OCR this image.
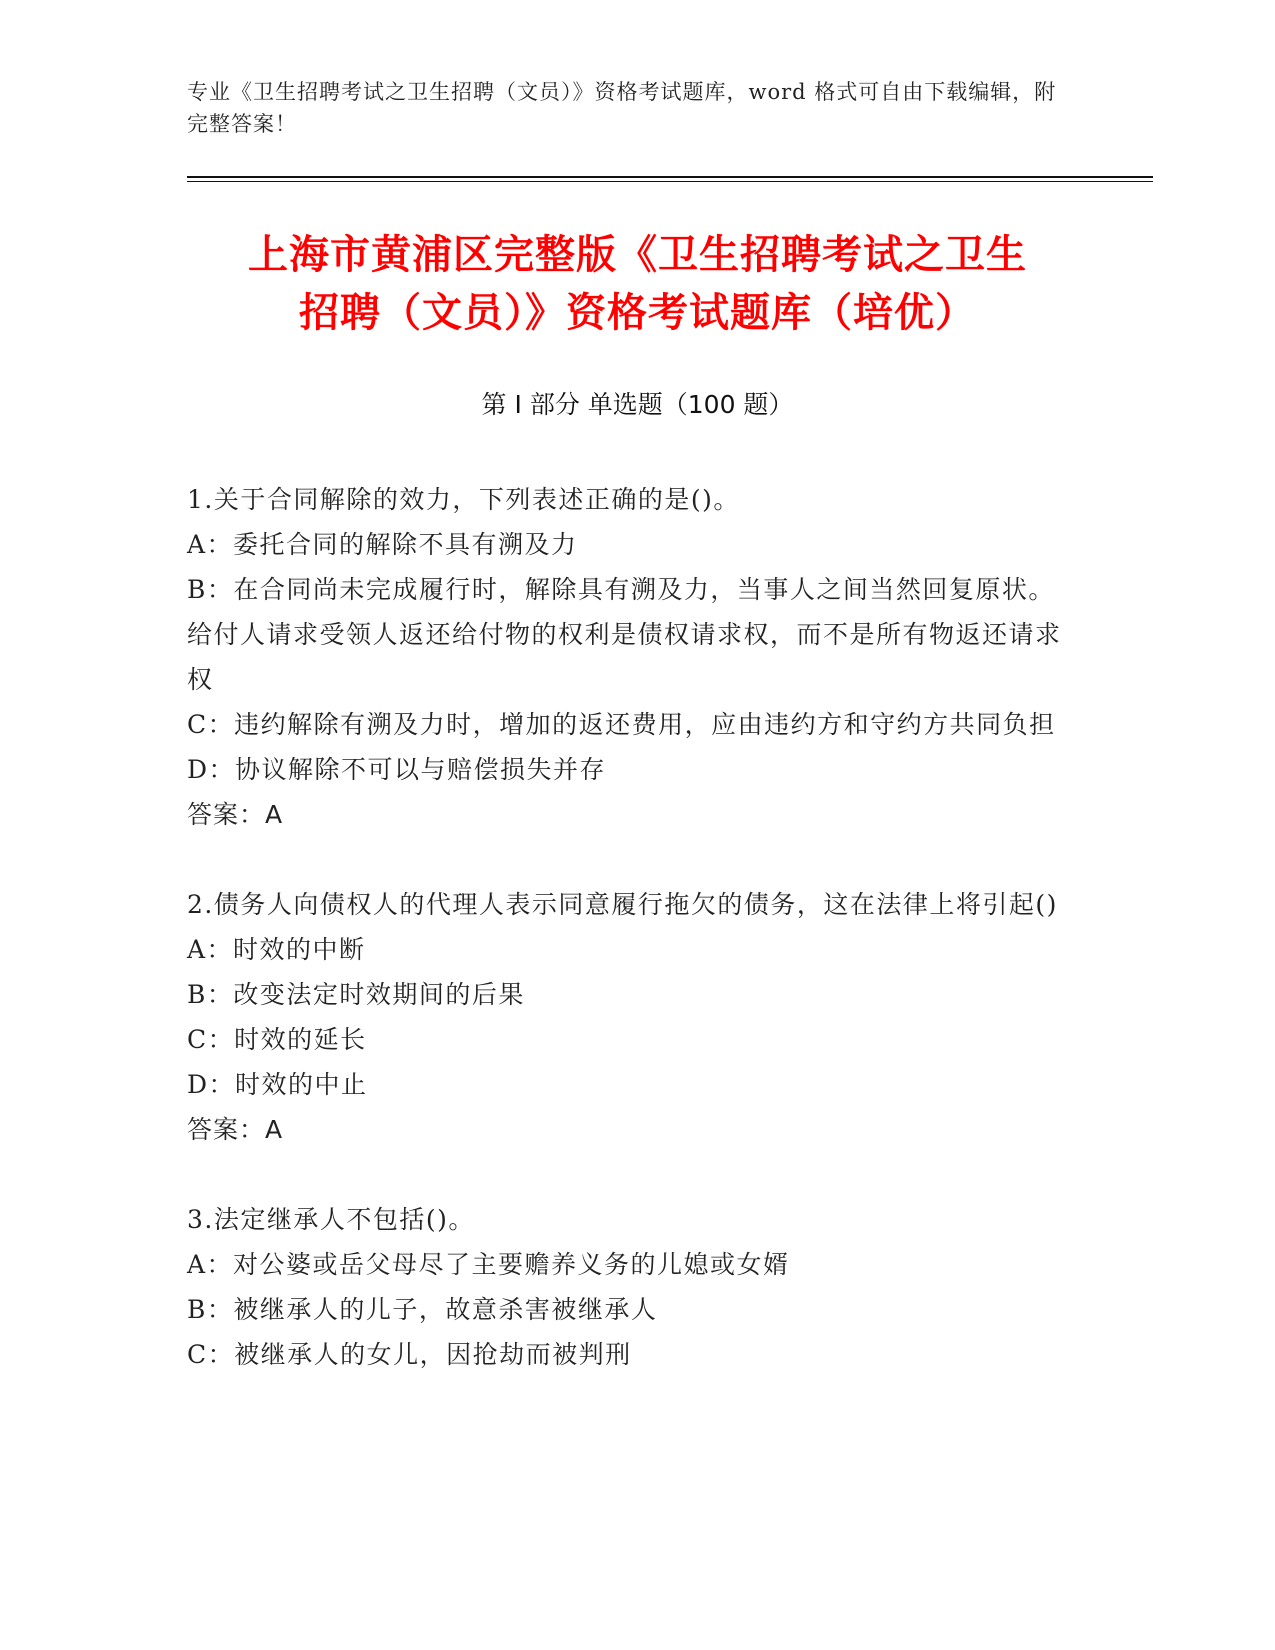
专业《卫生招聘考试之卫生招聘（文员）》资格考试题库，word 格式可自由下载编辑，附完整答案！
上海市黄浦区完整版《卫生招聘考试之卫生
招聘（文员）》资格考试题库（培优）
第 I 部分 单选题（100 题）
1.关于合同解除的效力，下列表述正确的是()。
A：委托合同的解除不具有溯及力
B：在合同尚未完成履行时，解除具有溯及力，当事人之间当然回复原状。给付人请求受领人返还给付物的权利是债权请求权，而不是所有物返还请求权
C：违约解除有溯及力时，增加的返还费用，应由违约方和守约方共同负担
D：协议解除不可以与赔偿损失并存
答案：A
2.债务人向债权人的代理人表示同意履行拖欠的债务，这在法律上将引起()
A：时效的中断
B：改变法定时效期间的后果
C：时效的延长
D：时效的中止
答案：A
3.法定继承人不包括()。
A：对公婆或岳父母尽了主要赡养义务的儿媳或女婿
B：被继承人的儿子，故意杀害被继承人
C：被继承人的女儿，因抢劫而被判刑
